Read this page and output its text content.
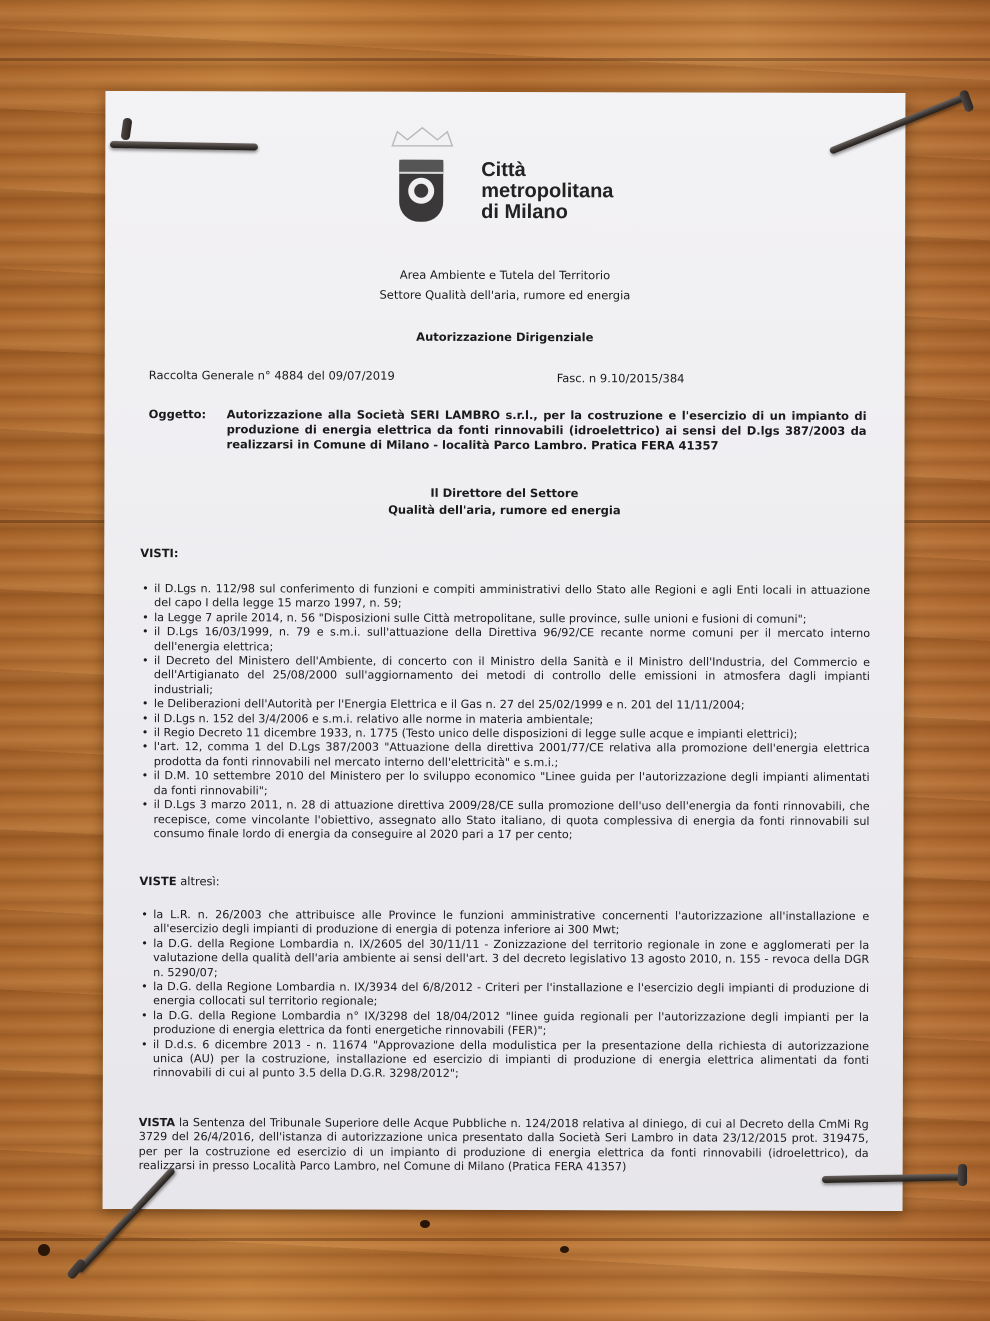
Città
metropolitana
di Milano
Area Ambiente e Tutela del Territorio
Settore Qualità dell'aria, rumore ed energia
Autorizzazione Dirigenziale
Raccolta Generale n° 4884 del 09/07/2019	Fasc. n 9.10/2015/384
Oggetto: Autorizzazione alla Società SERI LAMBRO s.r.l., per la costruzione e l'esercizio di un impianto di produzione di energia elettrica da fonti rinnovabili (idroelettrico) ai sensi del D.lgs 387/2003 da realizzarsi in Comune di Milano - località Parco Lambro. Pratica FERA 41357
Il Direttore del Settore
Qualità dell'aria, rumore ed energia
VISTI:
• il D.Lgs n. 112/98 sul conferimento di funzioni e compiti amministrativi dello Stato alle Regioni e agli Enti locali in attuazione del capo I della legge 15 marzo 1997, n. 59;
• la Legge 7 aprile 2014, n. 56 "Disposizioni sulle Città metropolitane, sulle province, sulle unioni e fusioni di comuni";
• il D.Lgs 16/03/1999, n. 79 e s.m.i. sull'attuazione della Direttiva 96/92/CE recante norme comuni per il mercato interno dell'energia elettrica;
• il Decreto del Ministero dell'Ambiente, di concerto con il Ministro della Sanità e il Ministro dell'Industria, del Commercio e dell'Artigianato del 25/08/2000 sull'aggiornamento dei metodi di controllo delle emissioni in atmosfera dagli impianti industriali;
• le Deliberazioni dell'Autorità per l'Energia Elettrica e il Gas n. 27 del 25/02/1999 e n. 201 del 11/11/2004;
• il D.Lgs n. 152 del 3/4/2006 e s.m.i. relativo alle norme in materia ambientale;
• il Regio Decreto 11 dicembre 1933, n. 1775 (Testo unico delle disposizioni di legge sulle acque e impianti elettrici);
• l'art. 12, comma 1 del D.Lgs 387/2003 "Attuazione della direttiva 2001/77/CE relativa alla promozione dell'energia elettrica prodotta da fonti rinnovabili nel mercato interno dell'elettricità" e s.m.i.;
• il D.M. 10 settembre 2010 del Ministero per lo sviluppo economico "Linee guida per l'autorizzazione degli impianti alimentati da fonti rinnovabili";
• il D.Lgs 3 marzo 2011, n. 28 di attuazione direttiva 2009/28/CE sulla promozione dell'uso dell'energia da fonti rinnovabili, che recepisce, come vincolante l'obiettivo, assegnato allo Stato italiano, di quota complessiva di energia da fonti rinnovabili sul consumo finale lordo di energia da conseguire al 2020 pari a 17 per cento;
VISTE altresì:
• la L.R. n. 26/2003 che attribuisce alle Province le funzioni amministrative concernenti l'autorizzazione all'installazione e all'esercizio degli impianti di produzione di energia di potenza inferiore ai 300 Mwt;
• la D.G. della Regione Lombardia n. IX/2605 del 30/11/11 - Zonizzazione del territorio regionale in zone e agglomerati per la valutazione della qualità dell'aria ambiente ai sensi dell'art. 3 del decreto legislativo 13 agosto 2010, n. 155 - revoca della DGR n. 5290/07;
• la D.G. della Regione Lombardia n. IX/3934 del 6/8/2012 - Criteri per l'installazione e l'esercizio degli impianti di produzione di energia collocati sul territorio regionale;
• la D.G. della Regione Lombardia n° IX/3298 del 18/04/2012 "linee guida regionali per l'autorizzazione degli impianti per la produzione di energia elettrica da fonti energetiche rinnovabili (FER)";
• il D.d.s. 6 dicembre 2013 - n. 11674 "Approvazione della modulistica per la presentazione della richiesta di autorizzazione unica (AU) per la costruzione, installazione ed esercizio di impianti di produzione di energia elettrica alimentati da fonti rinnovabili di cui al punto 3.5 della D.G.R. 3298/2012";
VISTA la Sentenza del Tribunale Superiore delle Acque Pubbliche n. 124/2018 relativa al diniego, di cui al Decreto della CmMi Rg 3729 del 26/4/2016, dell'istanza di autorizzazione unica presentato dalla Società Seri Lambro in data 23/12/2015 prot. 319475, per per la costruzione ed esercizio di un impianto di produzione di energia elettrica da fonti rinnovabili (idroelettrico), da realizzarsi in presso Località Parco Lambro, nel Comune di Milano (Pratica FERA 41357)
